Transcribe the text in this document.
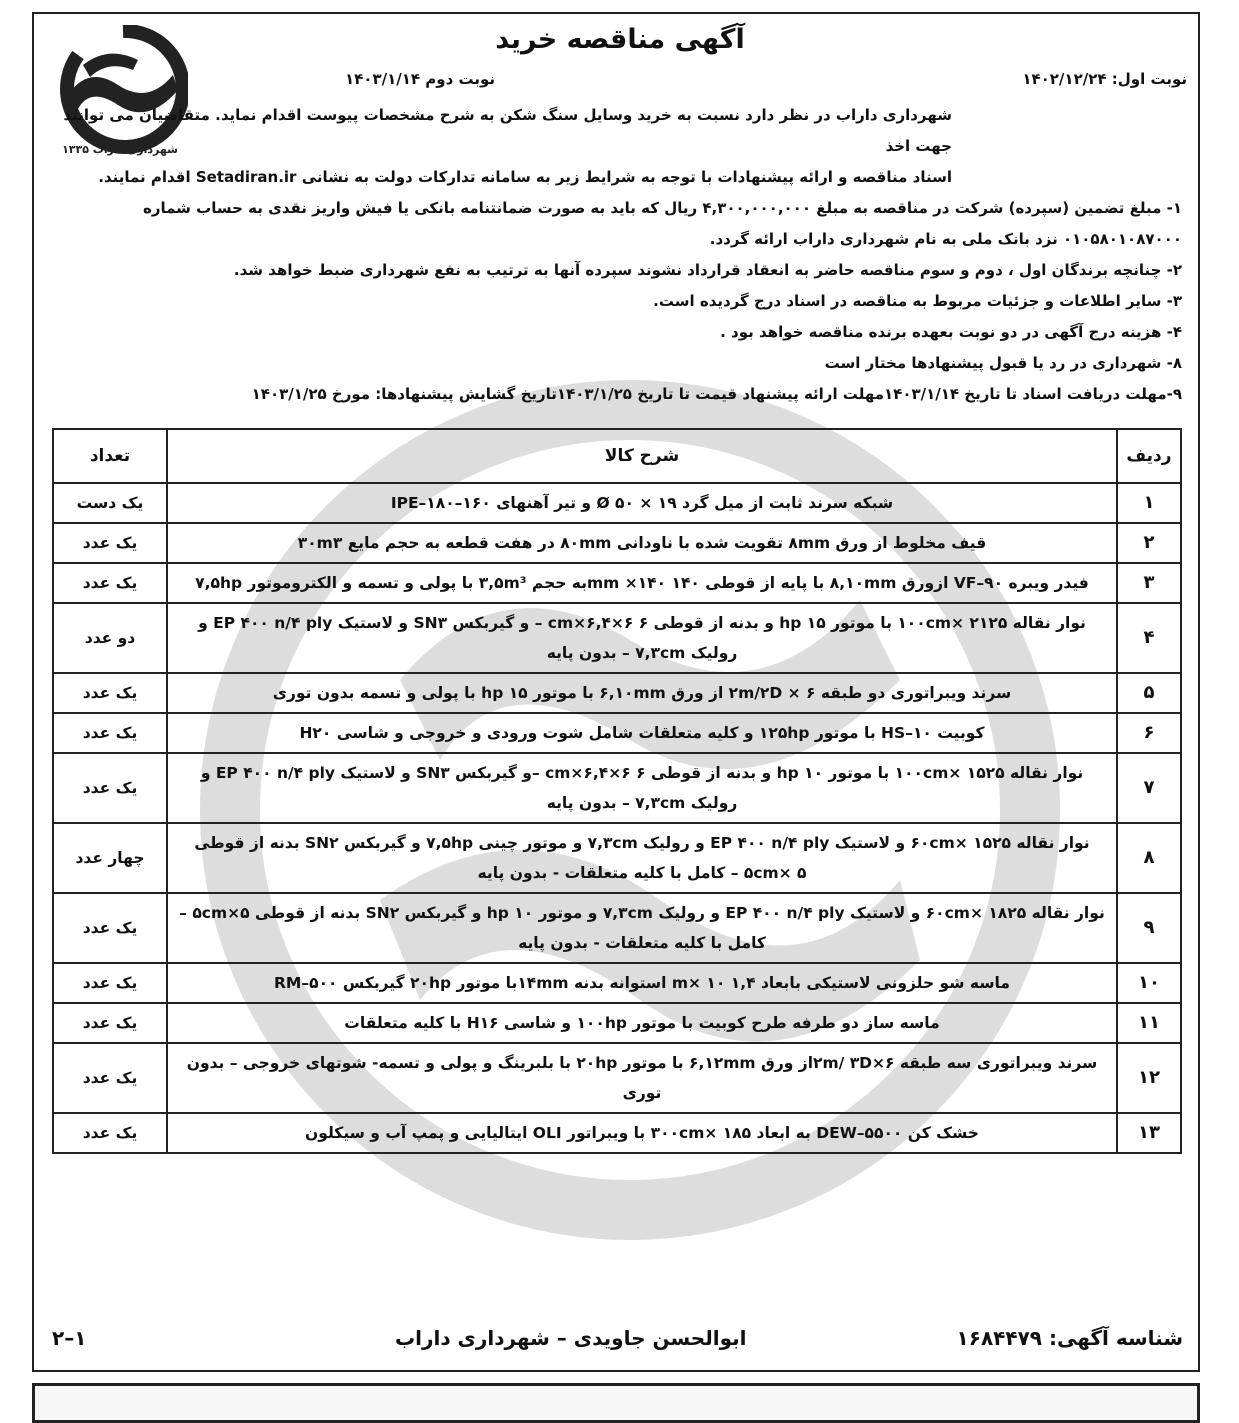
شهرداری داراب ۱۳۳۵
آگهی مناقصه خرید
نوبت اول: ۱۴۰۲/۱۲/۲۴
نوبت دوم ۱۴۰۳/۱/۱۴

شهرداری داراب در نظر دارد نسبت به خرید وسایل سنگ شکن به شرح مشخصات پیوست اقدام نماید. متقاضیان می توانند جهت اخذ

اسناد مناقصه و ارائه پیشنهادات با توجه به شرایط زیر به سامانه تدارکات دولت به نشانی Setadiran.ir اقدام نمایند.

۱- مبلغ تضمین (سپرده) شرکت در مناقصه به مبلغ ۴,۳۰۰,۰۰۰,۰۰۰ ریال که باید به صورت ضمانتنامه بانکی یا فیش واریز نقدی به حساب شماره

۰۱۰۵۸۰۱۰۸۷۰۰۰ نزد بانک ملی به نام شهرداری داراب ارائه گردد.

۲- چنانچه برندگان اول ، دوم و سوم مناقصه حاضر به انعقاد قرارداد نشوند سپرده آنها به ترتیب به نفع شهرداری ضبط خواهد شد.

۳- سایر اطلاعات و جزئیات مربوط به مناقصه در اسناد درج گردیده است.

۴- هزینه درج آگهی در دو نوبت بعهده برنده مناقصه خواهد بود .

۸- شهرداری در رد یا قبول پیشنهادها مختار است

۹-مهلت دریافت اسناد تا تاریخ ۱۴۰۳/۱/۱۴مهلت ارائه پیشنهاد قیمت تا تاریخ ۱۴۰۳/۱/۲۵تاریخ گشایش پیشنهادها: مورخ ۱۴۰۳/۱/۲۵

ردیف	شرح کالا	تعداد
۱	شبکه سرند ثابت از میل گرد Ø ۵۰ × ۱۹ و تیر آهنهای ۱۶۰–۱۸۰–IPE	یک دست
۲	قیف مخلوط از ورق ۸mm تقویت شده با ناودانی ۸۰mm در هفت قطعه به حجم مایع ۳۰m۳	یک عدد
۳	فیدر ویبره ۹۰–VF ازورق ۸,۱۰mm با پایه از قوطی ۱۴۰ mm ×۱۴۰به حجم ۳,۵m³ با پولی و تسمه و الکتروموتور ۷,۵hp	یک عدد
۴	نوار نقاله ۱۰۰cm× ۲۱۲۵ با موتور ۱۵ hp و بدنه از قوطی ۶ cm×۶,۴×۶ – و گیربکس SN۳ و لاستیک EP ۴۰۰ n/۴ ply و رولیک ۷,۳cm – بدون پایه	دو عدد
۵	سرند ویبراتوری دو طبقه ۲m/۲D × ۶ از ورق ۶,۱۰mm با موتور ۱۵ hp با پولی و تسمه بدون توری	یک عدد
۶	کوبیت ۱۰–HS با موتور ۱۲۵hp و کلیه متعلقات شامل شوت ورودی و خروجی و شاسی H۲۰	یک عدد
۷	نوار نقاله ۱۰۰cm× ۱۵۲۵ با موتور ۱۰ hp و بدنه از قوطی ۶ cm×۶,۴×۶ –و گیربکس SN۳ و لاستیک EP ۴۰۰ n/۴ ply و رولیک ۷,۳cm – بدون پایه	یک عدد
۸	نوار نقاله ۶۰cm× ۱۵۲۵ و لاستیک EP ۴۰۰ n/۴ ply و رولیک ۷,۳cm و موتور چینی ۷,۵hp و گیربکس SN۲ بدنه از قوطی ۵cm× ۵ – کامل با کلیه متعلقات - بدون پایه	چهار عدد
۹	نوار نقاله ۶۰cm× ۱۸۲۵ و لاستیک EP ۴۰۰ n/۴ ply و رولیک ۷,۳cm و موتور ۱۰ hp و گیربکس SN۲ بدنه از قوطی ۵cm×۵ – کامل با کلیه متعلقات - بدون پایه	یک عدد
۱۰	ماسه شو حلزونی لاستیکی بابعاد ۱,۴ m× ۱۰ استوانه بدنه ۱۴mmبا موتور ۲۰hp گیربکس ۵۰۰–RM	یک عدد
۱۱	ماسه ساز دو طرفه طرح کوبیت با موتور ۱۰۰hp و شاسی H۱۶ با کلیه متعلقات	یک عدد
۱۲	سرند ویبراتوری سه طبقه ۲m/ ۳D×۶از ورق ۶,۱۲mm با موتور ۲۰hp با بلبرینگ و پولی و تسمه- شوتهای خروجی – بدون توری	یک عدد
۱۳	خشک کن ۵۵۰۰–DEW به ابعاد ۳۰۰cm× ۱۸۵ با ویبراتور OLI ایتالیایی و پمپ آب و سیکلون	یک عدد
شناسه آگهی: ۱۶۸۴۴۷۹
ابوالحسن جاویدی – شهرداری داراب
۲–۱
